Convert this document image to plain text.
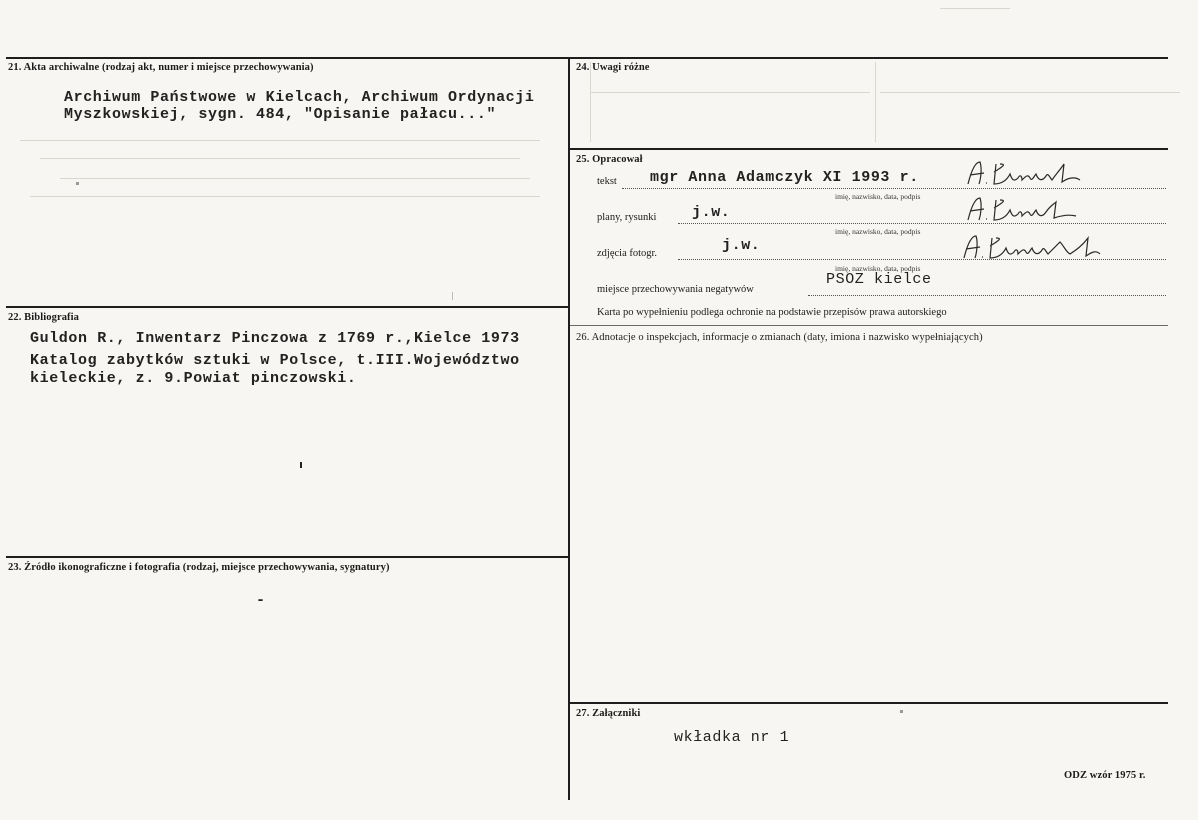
21. Akta archiwalne (rodzaj akt, numer i miejsce przechowywania)
Archiwum Państwowe w Kielcach, Archiwum Ordynacji
Myszkowskiej, sygn. 484, "Opisanie pałacu..."
22. Bibliografia
Guldon R., Inwentarz Pinczowa z 1769 r.,Kielce 1973
Katalog zabytków sztuki w Polsce, t.III.Województwo
kieleckie, z. 9.Powiat pinczowski.
23. Źródło ikonograficzne i fotografia (rodzaj, miejsce przechowywania, sygnatury)
-
24. Uwagi różne
25. Opracował
tekst mgr Anna Adamczyk XI 1993 r.
imię, nazwisko, data, podpis
plany, rysunki j.w.
imię, nazwisko, data, podpis
zdjęcia fotogr.	j.w.
imię, nazwisko, data, podpis
miejsce przechowywania negatywów
PSOZ kielce
Karta po wypełnieniu podlega ochronie na podstawie przepisów prawa autorskiego
26. Adnotacje o inspekcjach, informacje o zmianach (daty, imiona i nazwisko wypełniających)
27. Załączniki
wkładka nr 1
ODZ wzór 1975 r.
